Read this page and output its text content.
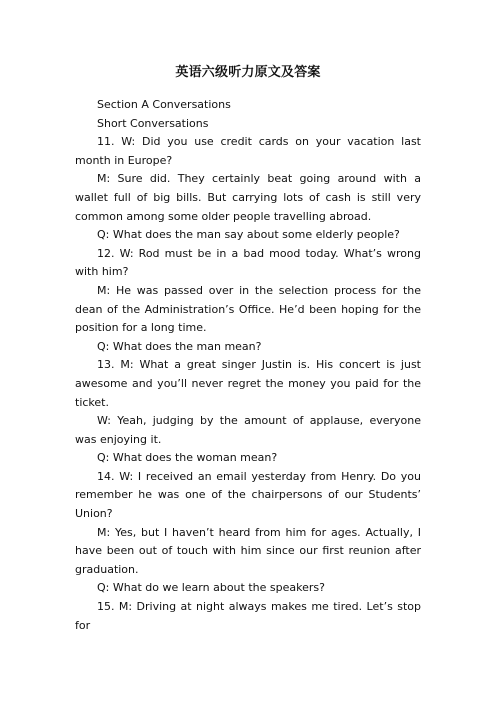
英语六级听力原文及答案

Section A Conversations

Short Conversations

11. W: Did you use credit cards on your vacation last month in Europe?

M: Sure did. They certainly beat going around with a wallet full of big bills. But carrying lots of cash is still very common among some older people travelling abroad.

Q: What does the man say about some elderly people?

12. W: Rod must be in a bad mood today. What’s wrong with him?

M: He was passed over in the selection process for the dean of the Administration’s Office. He’d been hoping for the position for a long time.

Q: What does the man mean?

13. M: What a great singer Justin is. His concert is just awesome and you’ll never regret the money you paid for the ticket.

W: Yeah, judging by the amount of applause, everyone was enjoying it.

Q: What does the woman mean?

14. W: I received an email yesterday from Henry. Do you remember he was one of the chairpersons of our Students’ Union?

M: Yes, but I haven’t heard from him for ages. Actually, I have been out of touch with him since our first reunion after graduation.

Q: What do we learn about the speakers?

15. M: Driving at night always makes me tired. Let’s stop for
